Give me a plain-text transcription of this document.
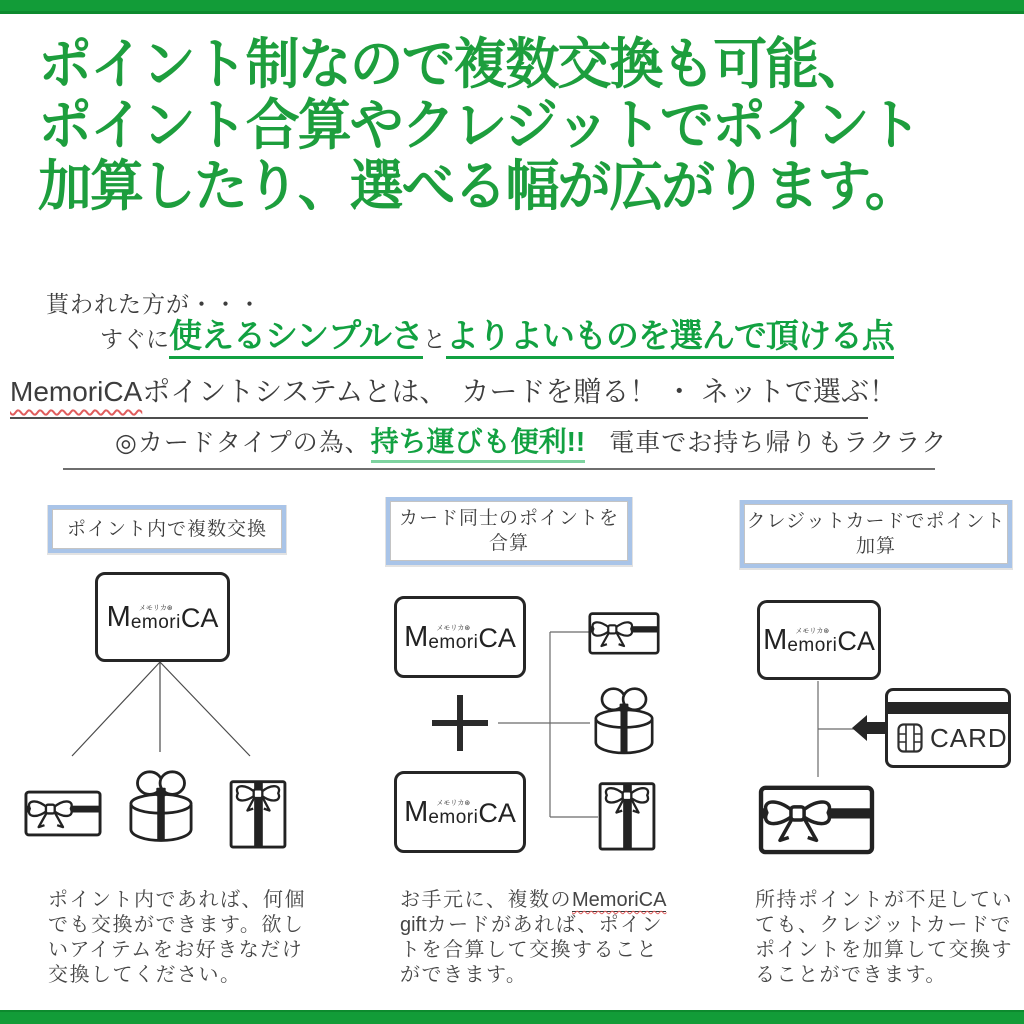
ポイント制なので複数交換も可能、
ポイント合算やクレジットでポイント
加算したり、選べる幅が広がります。
貰われた方が・・・
すぐに使えるシンプルさとよりよいものを選んで頂ける点
MemoriCAポイントシステムとは、　カードを贈る！ ・ ネットで選ぶ！
◎カードタイプの為、持ち運びも便利!! 電車でお持ち帰りもラクラク
ポイント内で複数交換	カード同士のポイントを
合算
クレジットカードでポイント
加算
M メモリカ⊛
emori CA
M メモリカ⊛
emori CA
M メモリカ⊛
emori CA
M メモリカ⊛
emori CA
CARD
ポイント内であれば、何個
でも交換ができます。欲し
いアイテムをお好きなだけ
交換してください。
お手元に、複数のMemoriCA
giftカードがあれば、ポイン
トを合算して交換すること
ができます。
所持ポイントが不足してい
ても、クレジットカードで
ポイントを加算して交換す
ることができます。
